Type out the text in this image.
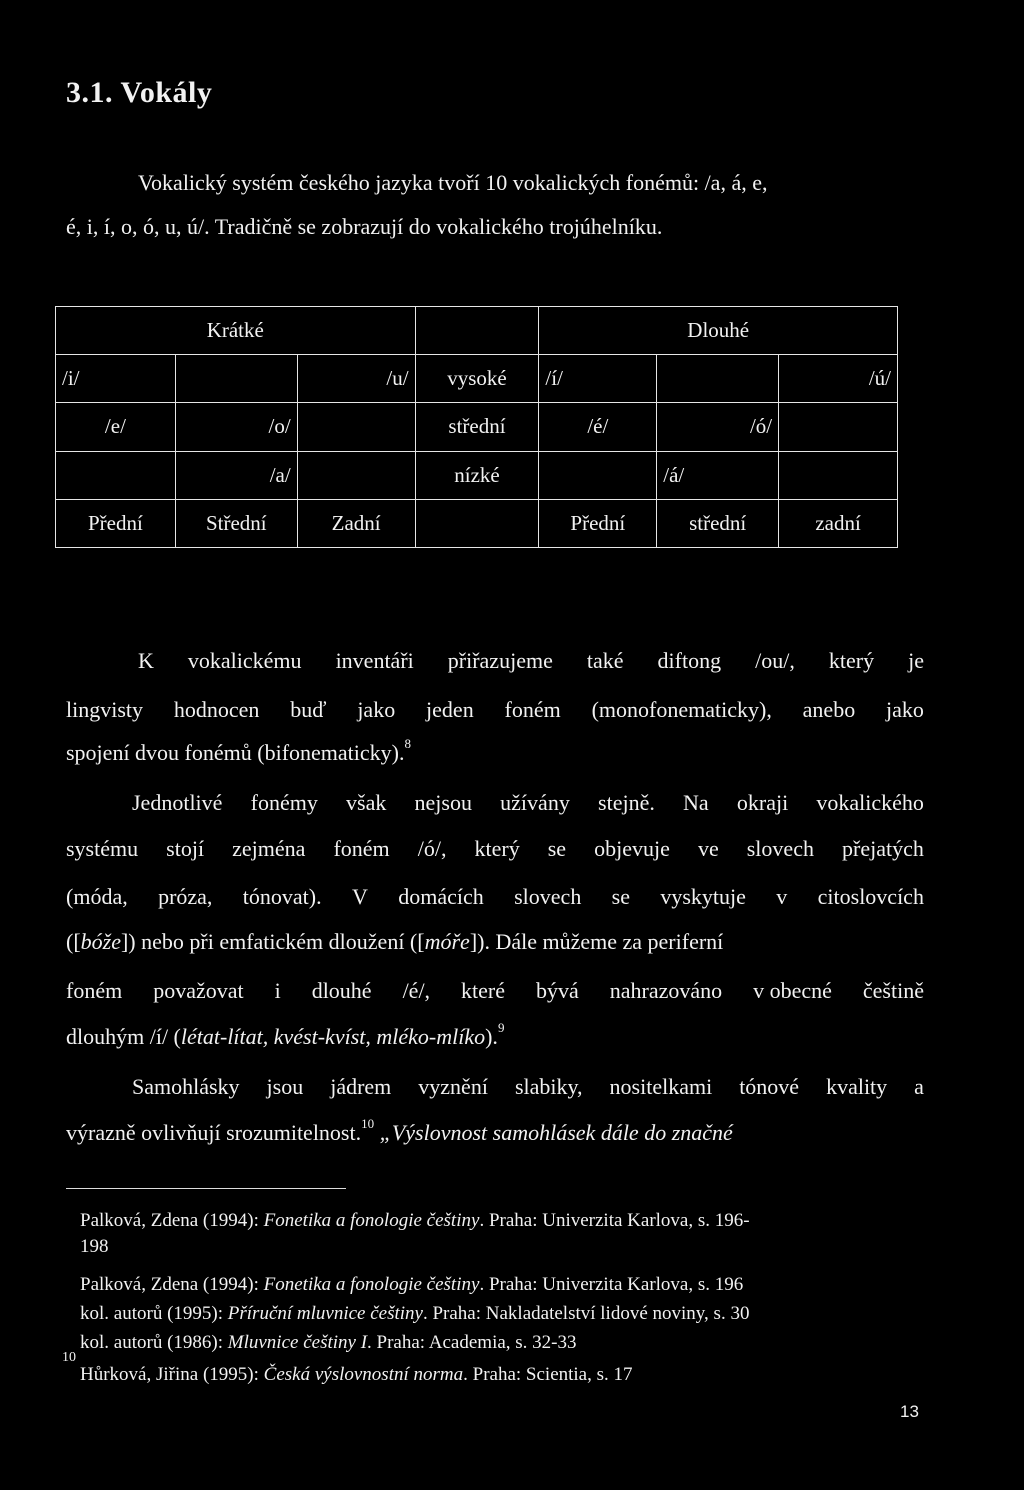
3.1. Vokály
Vokalický systém českého jazyka tvoří 10 vokalických fonémů: /a, á, e,
é, i, í, o, ó, u, ú/. Tradičně se zobrazují do vokalického trojúhelníku.
Krátké				Dlouhé		
/i/		/u/	vysoké	/í/		/ú/
/e/	/o/		střední	/é/	/ó/	
	/a/		nízké		/á/	
Přední	Střední	Zadní		Přední	střední	zadní
K vokalickému inventáři přiřazujeme také diftong /ou/, který je
lingvisty hodnocen buď jako jeden foném (monofonematicky), anebo jako
spojení dvou fonémů (bifonematicky).$^8$
Jednotlivé fonémy však nejsou užívány stejně. Na okraji vokalického
systému stojí zejména foném /ó/, který se objevuje ve slovech přejatých
(móda, próza, tónovat). V domácích slovech se vyskytuje v citoslovcích
([bóže]) nebo při emfatickém dloužení ([móře]). Dále můžeme za periferní
foném považovat i dlouhé /é/, které bývá nahrazováno v obecné češtině
dlouhým /í/ (létat-lítat, kvést-kvíst, mléko-mlíko).$^9$
Samohlásky jsou jádrem vyznění slabiky, nositelkami tónové kvality a
výrazně ovlivňují srozumitelnost.$^{10}$ „Výslovnost samohlásek dále do značné
Palková, Zdena (1994): Fonetika a fonologie češtiny. Praha: Univerzita Karlova, s. 196-
198
Palková, Zdena (1994): Fonetika a fonologie češtiny. Praha: Univerzita Karlova, s. 196
kol. autorů (1995): Příruční mluvnice češtiny. Praha: Nakladatelství lidové noviny, s. 30
kol. autorů (1986): Mluvnice češtiny I. Praha: Academia, s. 32-33
10
Hůrková, Jiřina (1995): Česká výslovnostní norma. Praha: Scientia, s. 17
13
